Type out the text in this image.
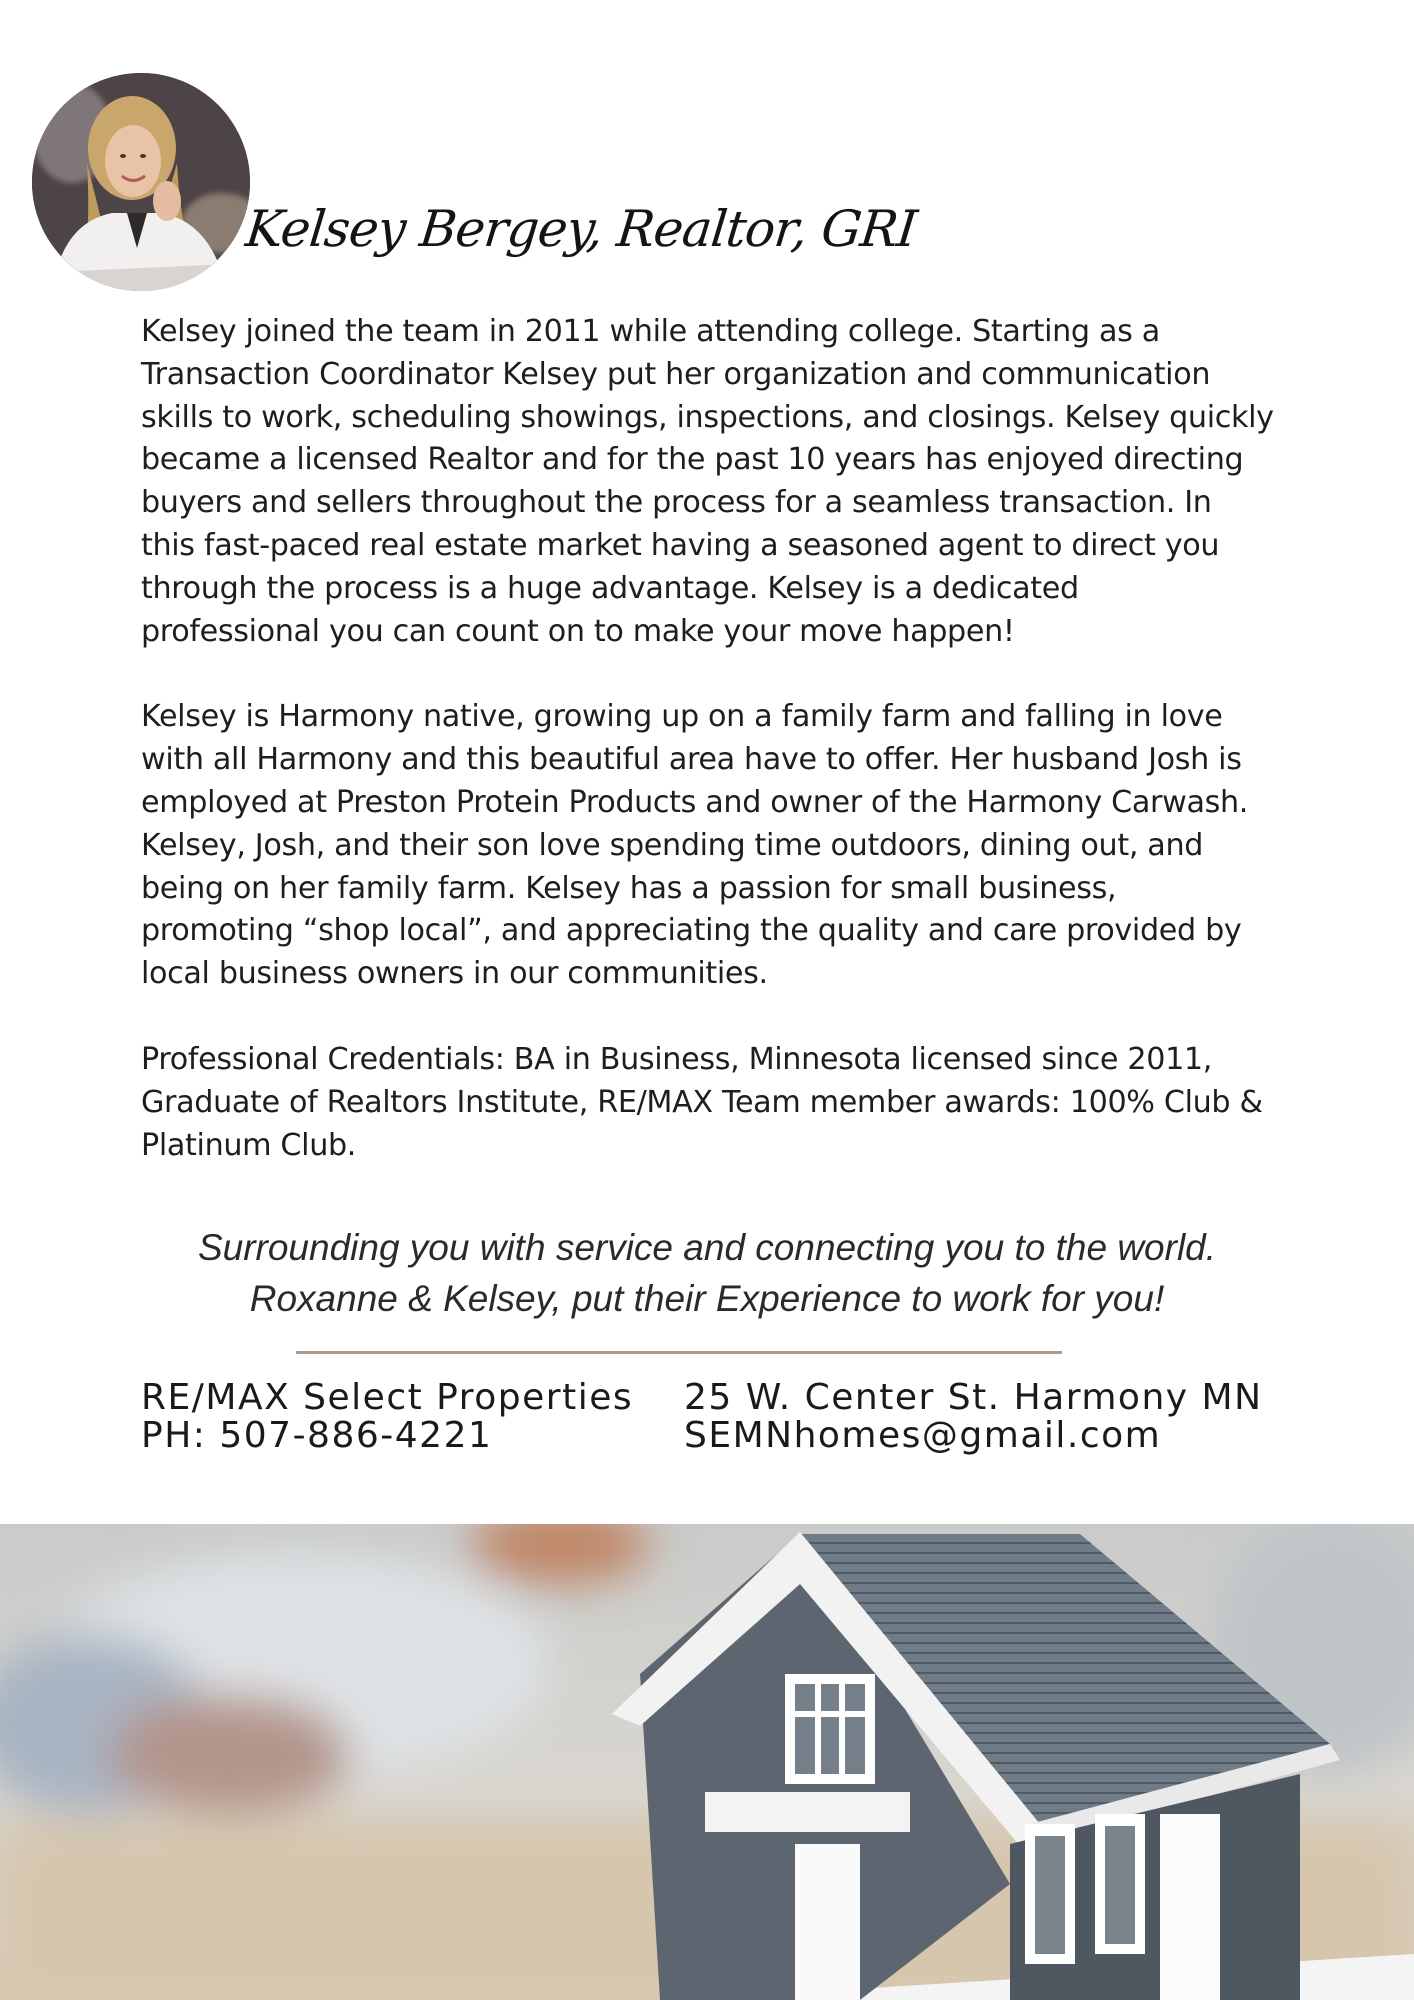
Kelsey Bergey, Realtor, GRI

Kelsey joined the team in 2011 while attending college. Starting as a
Transaction Coordinator Kelsey put her organization and communication
skills to work, scheduling showings, inspections, and closings. Kelsey quickly
became a licensed Realtor and for the past 10 years has enjoyed directing
buyers and sellers throughout the process for a seamless transaction. In
this fast-paced real estate market having a seasoned agent to direct you
through the process is a huge advantage. Kelsey is a dedicated
professional you can count on to make your move happen!

Kelsey is Harmony native, growing up on a family farm and falling in love
with all Harmony and this beautiful area have to offer. Her husband Josh is
employed at Preston Protein Products and owner of the Harmony Carwash.
Kelsey, Josh, and their son love spending time outdoors, dining out, and
being on her family farm. Kelsey has a passion for small business,
promoting “shop local”, and appreciating the quality and care provided by
local business owners in our communities.

Professional Credentials: BA in Business, Minnesota licensed since 2011,
Graduate of Realtors Institute, RE/MAX Team member awards: 100% Club &
Platinum Club.

Surrounding you with service and connecting you to the world.
Roxanne & Kelsey, put their Experience to work for you!
RE/MAX Select Properties
PH: 507-886-4221
25 W. Center St. Harmony MN
SEMNhomes@gmail.com
